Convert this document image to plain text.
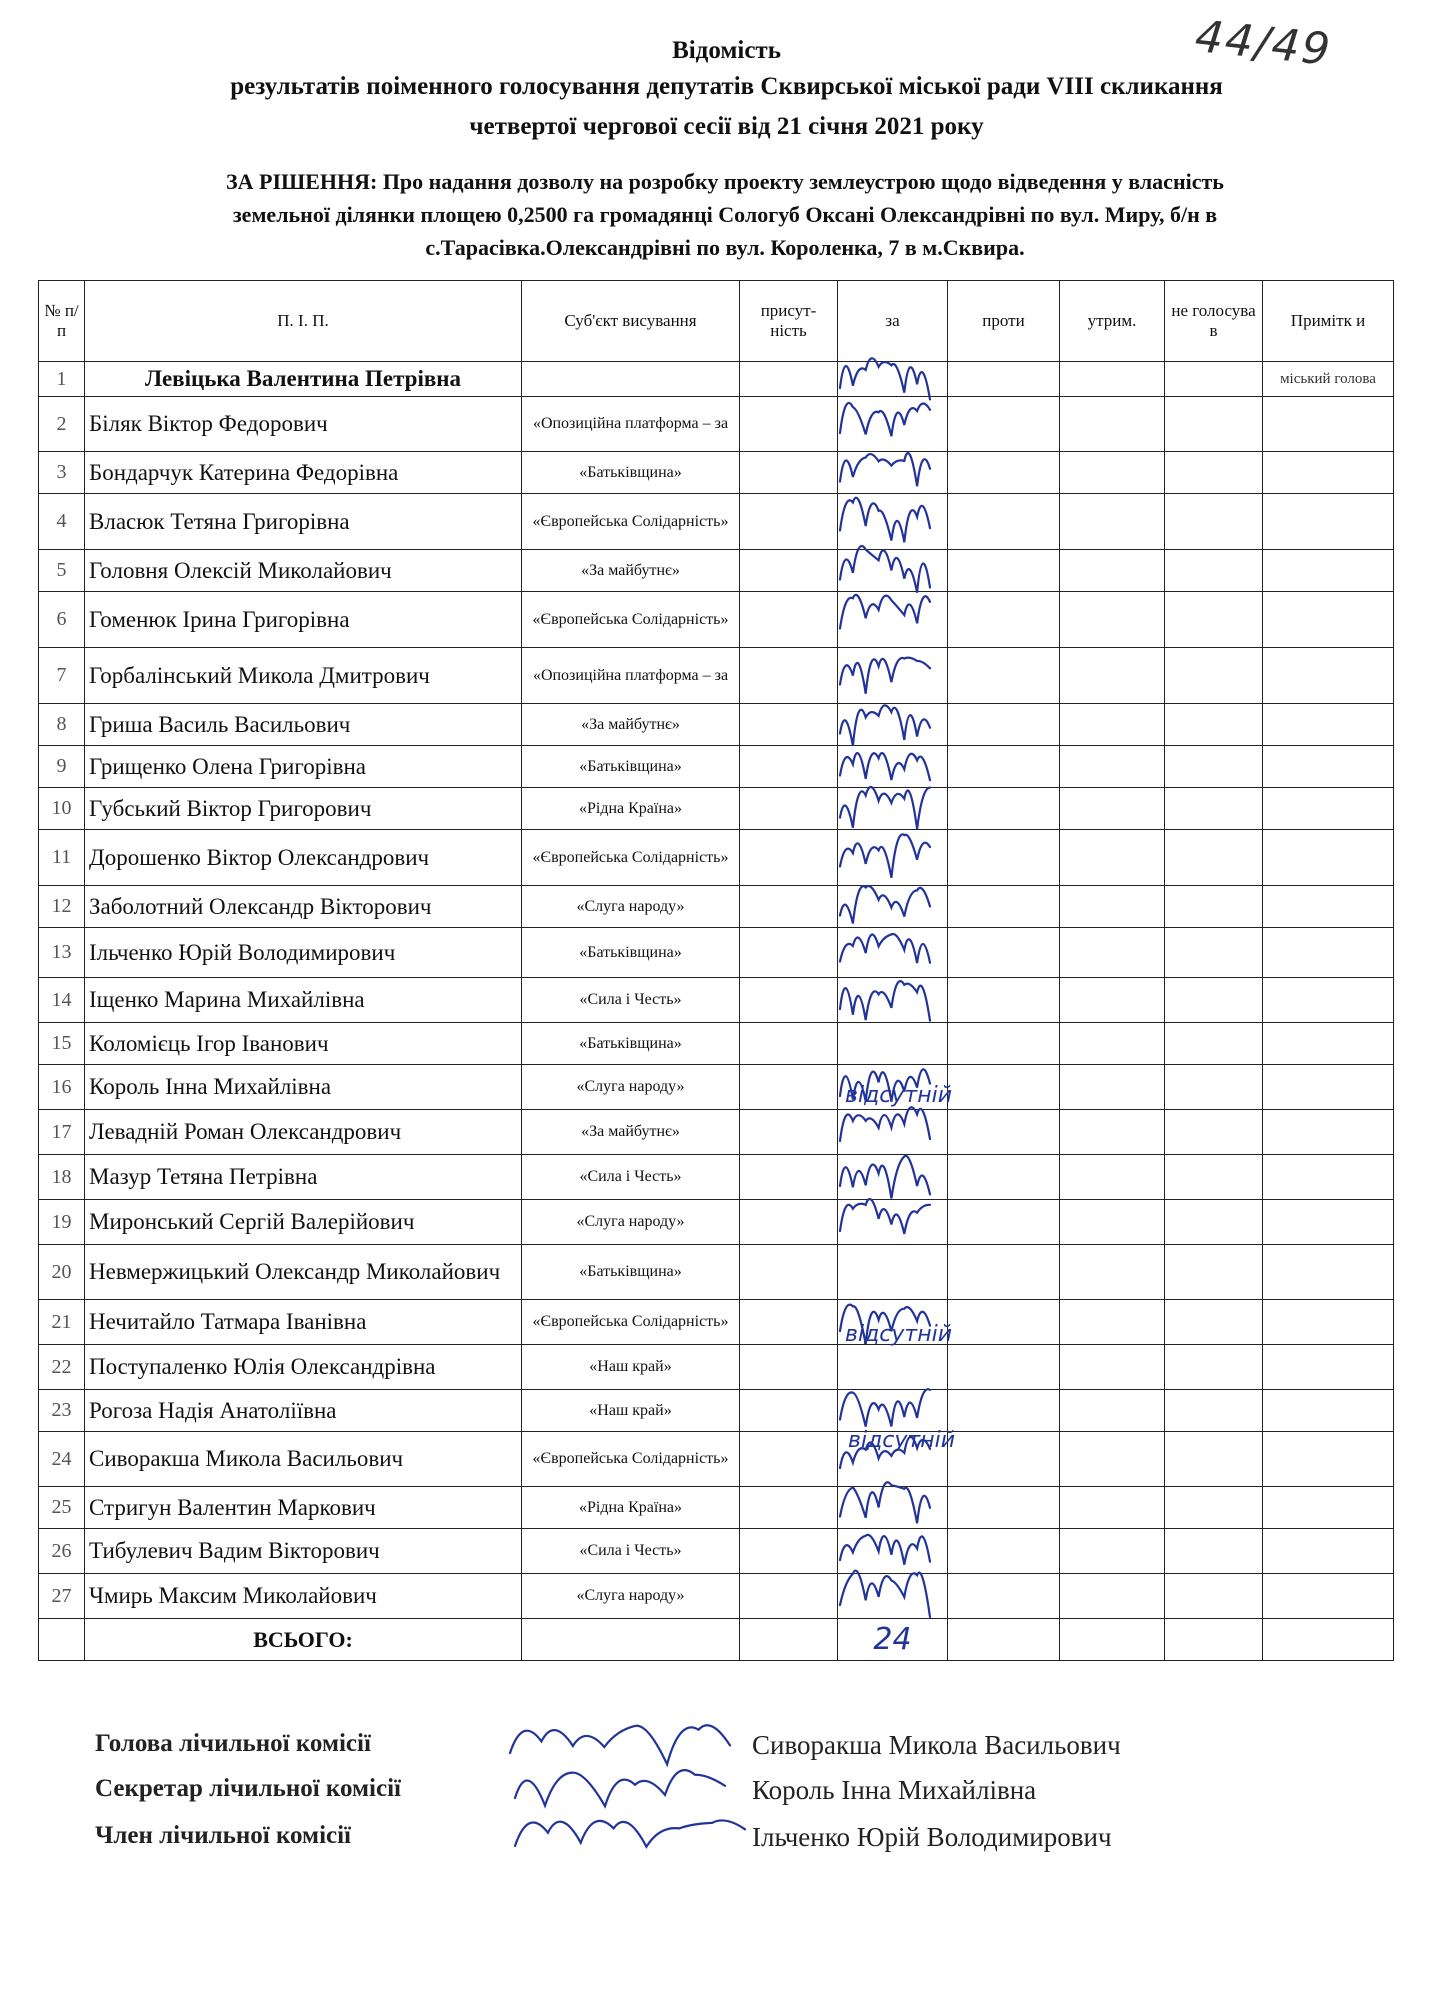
44/49
Відомість
результатів поіменного голосування депутатів Сквирської міської ради VIII скликання
четвертої чергової сесії від 21 січня 2021 року
ЗА РІШЕННЯ: Про надання дозволу на розробку проекту землеустрою щодо відведення у власність
земельної ділянки площею 0,2500 га громадянці Сологуб Оксані Олександрівні по вул. Миру, б/н в
с.Тарасівка.Олександрівні по вул. Короленка, 7 в м.Сквира.
№ п/п	П. І. П.	Суб'єкт висування	присут-ність	за	проти	утрим.	не голосува в	Примітк и
1	Левіцька Валентина Петрівна							міський голова
2	Біляк Віктор Федорович	«Опозиційна платформа – за						
3	Бондарчук Катерина Федорівна	«Батьківщина»						
4	Власюк Тетяна Григорівна	«Європейська Солідарність»						
5	Головня Олексій Миколайович	«За майбутнє»						
6	Гоменюк Ірина Григорівна	«Європейська Солідарність»						
7	Горбалінський Микола Дмитрович	«Опозиційна платформа – за						
8	Гриша Василь Васильович	«За майбутнє»						
9	Грищенко Олена Григорівна	«Батьківщина»						
10	Губський Віктор Григорович	«Рідна Країна»						
11	Дорошенко Віктор Олександрович	«Європейська Солідарність»						
12	Заболотний Олександр Вікторович	«Слуга народу»						
13	Ільченко Юрій Володимирович	«Батьківщина»						
14	Іщенко Марина Михайлівна	«Сила і Честь»						
15	Коломієць Ігор Іванович	«Батьківщина»						
16	Король Інна Михайлівна	«Слуга народу»						
17	Левадній Роман Олександрович	«За майбутнє»						
18	Мазур Тетяна Петрівна	«Сила і Честь»						
19	Миронський Сергій Валерійович	«Слуга народу»						
20	Невмержицький Олександр Миколайович	«Батьківщина»						
21	Нечитайло Татмара Іванівна	«Європейська Солідарність»						
22	Поступаленко Юлія Олександрівна	«Наш край»						
23	Рогоза Надія Анатоліївна	«Наш край»						
24	Сиворакша Микола Васильович	«Європейська Солідарність»						
25	Стригун Валентин Маркович	«Рідна Країна»						
26	Тибулевич Вадим Вікторович	«Сила і Честь»						
27	Чмирь Максим Миколайович	«Слуга народу»						
	ВСЬОГО:			24				
відсутній
відсутній
відсутній
Голова лічильної комісії	Сиворакша Микола Васильович
Секретар лічильної комісії	Король Інна Михайлівна
Член лічильної комісії	Ільченко Юрій Володимирович
